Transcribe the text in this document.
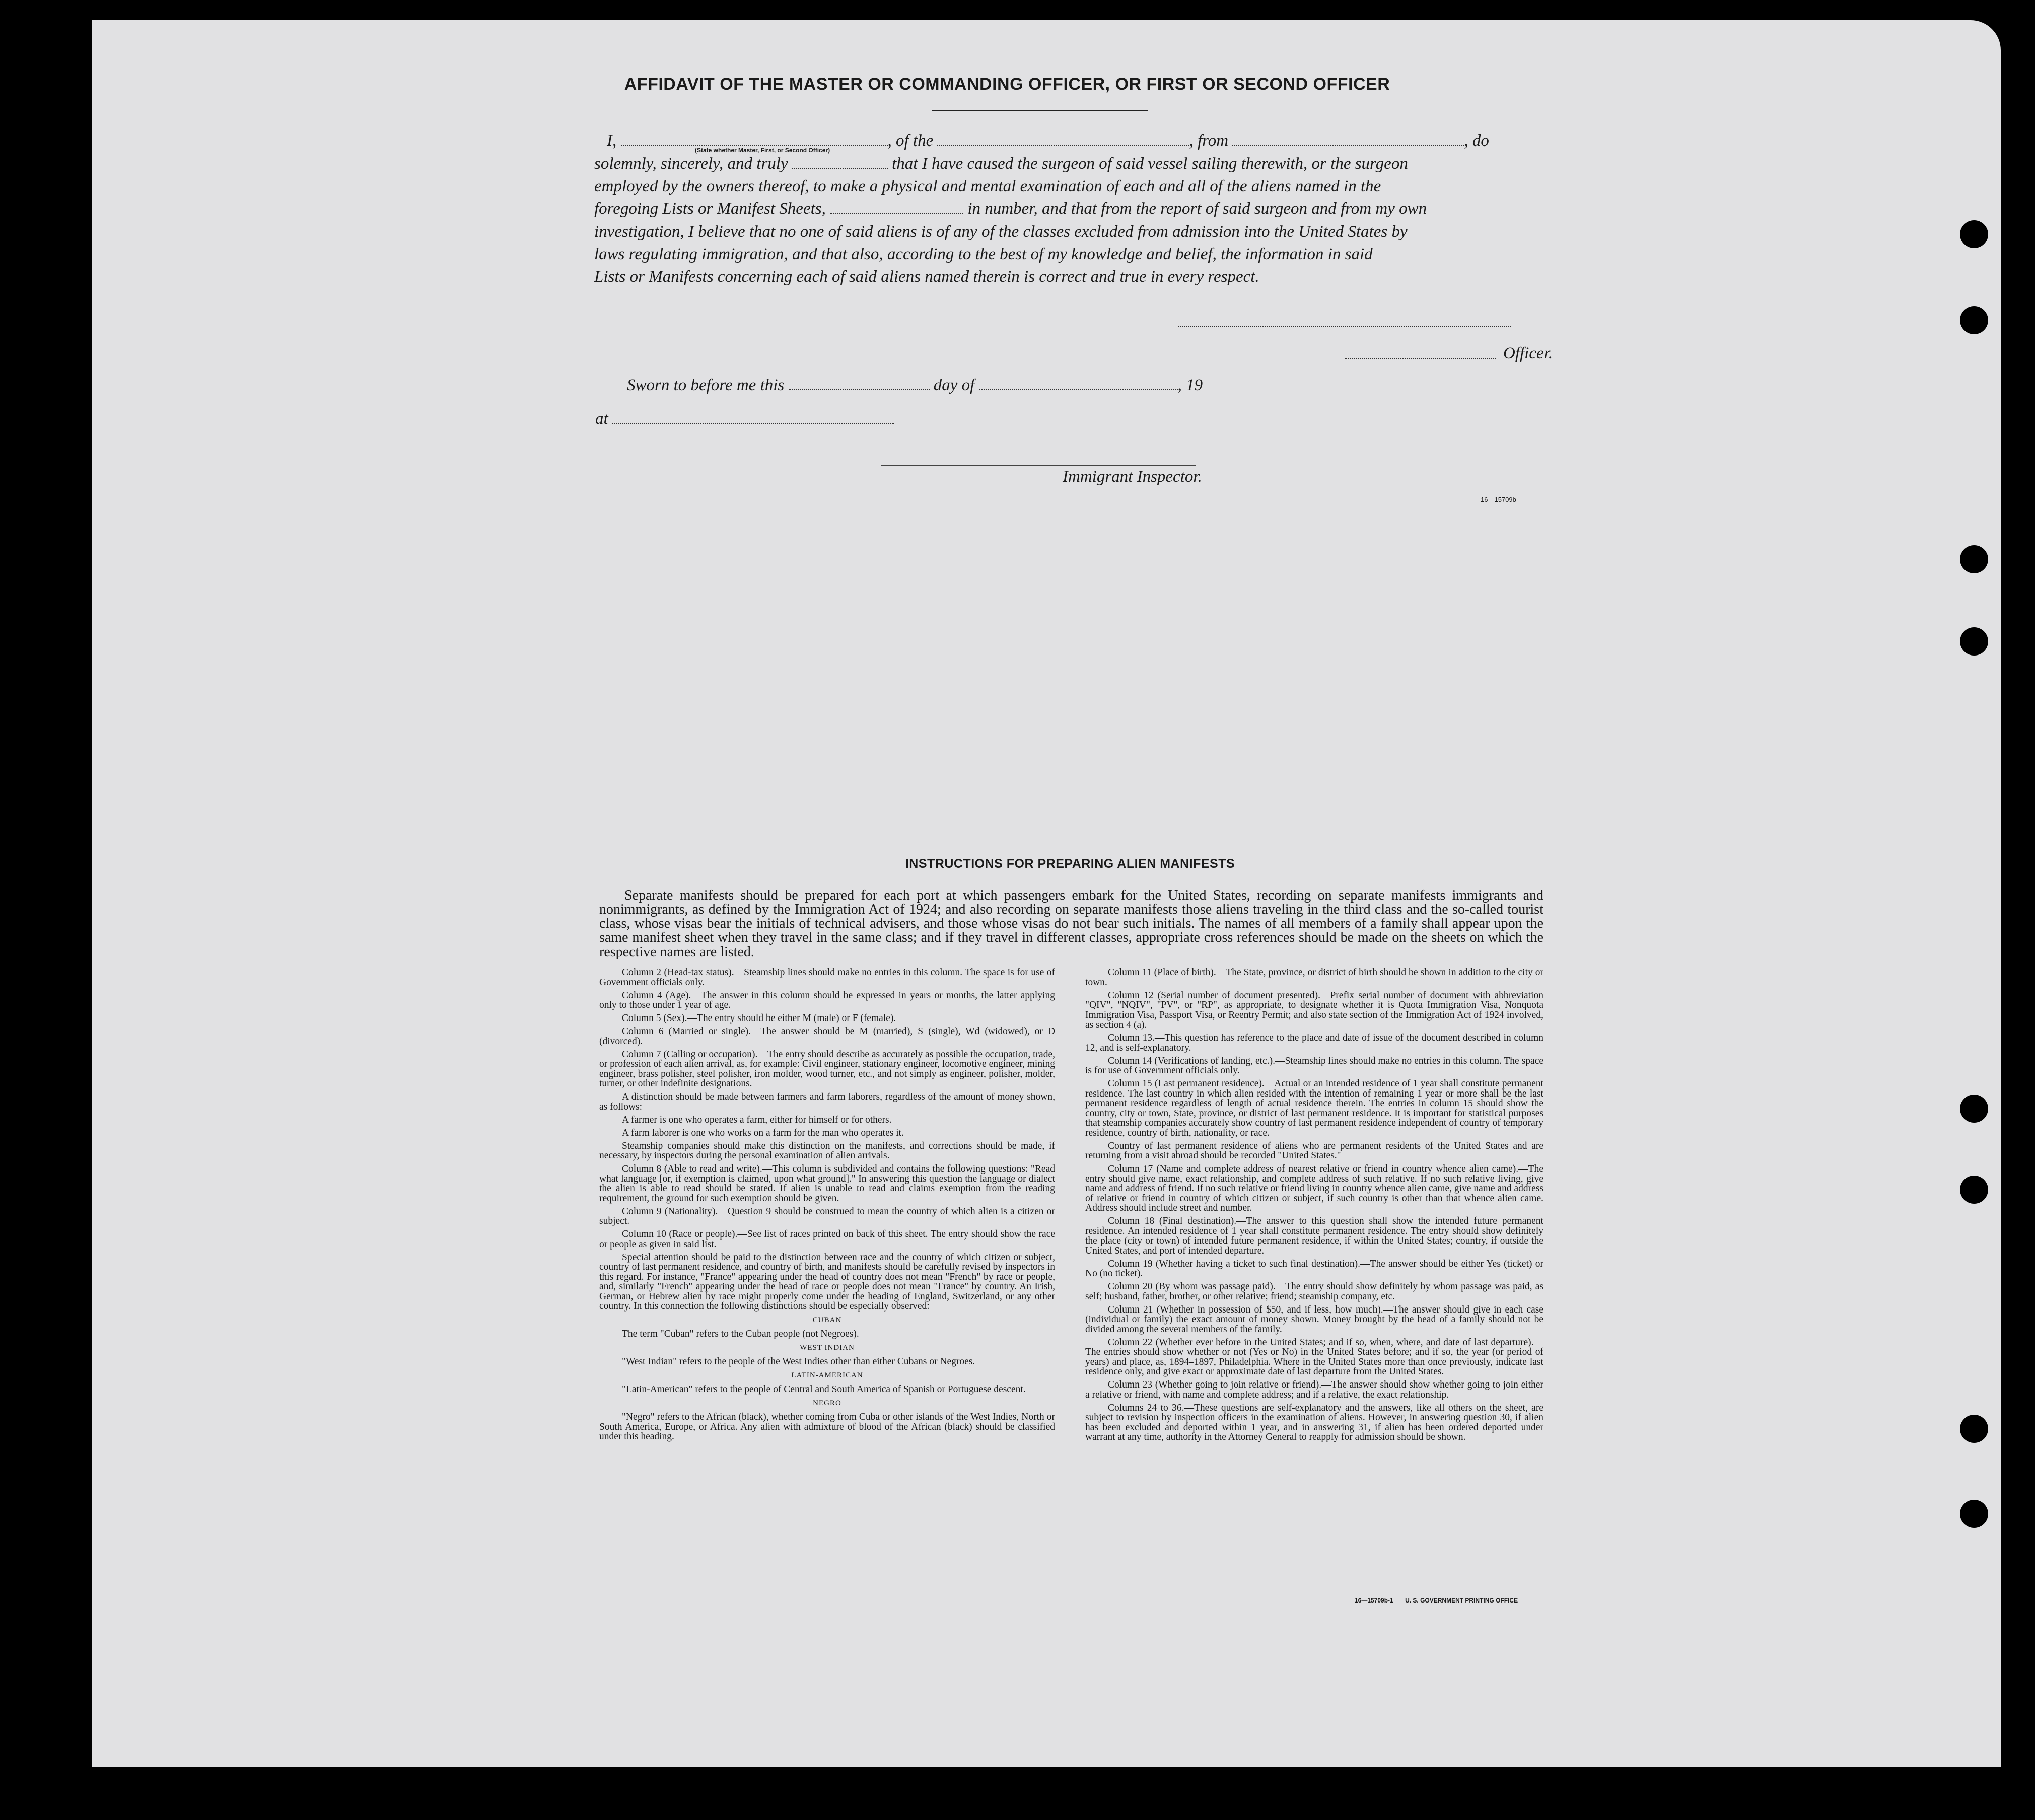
AFFIDAVIT OF THE MASTER OR COMMANDING OFFICER, OR FIRST OR SECOND OFFICER
I,	, of the	, from	, do
solemnly, sincerely, and truly	that I have caused the surgeon of said vessel sailing therewith, or the surgeon
employed by the owners thereof, to make a physical and mental examination of each and all of the aliens named in the
foregoing Lists or Manifest Sheets,	in number, and that from the report of said surgeon and from my own
investigation, I believe that no one of said aliens is of any of the classes excluded from admission into the United States by
laws regulating immigration, and that also, according to the best of my knowledge and belief, the information in said
Lists or Manifests concerning each of said aliens named therein is correct and true in every respect.
(State whether Master, First, or Second Officer)
Officer.
Sworn to before me this	day of	, 19
at
Immigrant Inspector.
16—15709b
INSTRUCTIONS FOR PREPARING ALIEN MANIFESTS
Separate manifests should be prepared for each port at which passengers embark for the United States, recording on separate manifests immigrants and nonimmigrants, as defined by the Immigration Act of 1924; and also recording on separate manifests those aliens traveling in the third class and the so-called tourist class, whose visas bear the initials of technical advisers, and those whose visas do not bear such initials. The names of all members of a family shall appear upon the same manifest sheet when they travel in the same class; and if they travel in different classes, appropriate cross references should be made on the sheets on which the respective names are listed.

Column 2 (Head-tax status).—Steamship lines should make no entries in this column. The space is for use of Government officials only.

Column 4 (Age).—The answer in this column should be expressed in years or months, the latter applying only to those under 1 year of age.

Column 5 (Sex).—The entry should be either M (male) or F (female).

Column 6 (Married or single).—The answer should be M (married), S (single), Wd (widowed), or D (divorced).

Column 7 (Calling or occupation).—The entry should describe as accurately as possible the occupation, trade, or profession of each alien arrival, as, for example: Civil engineer, stationary engineer, locomotive engineer, mining engineer, brass polisher, steel polisher, iron molder, wood turner, etc., and not simply as engineer, polisher, molder, turner, or other indefinite designations.

A distinction should be made between farmers and farm laborers, regardless of the amount of money shown, as follows:

A farmer is one who operates a farm, either for himself or for others.

A farm laborer is one who works on a farm for the man who operates it.

Steamship companies should make this distinction on the manifests, and corrections should be made, if necessary, by inspectors during the personal examination of alien arrivals.

Column 8 (Able to read and write).—This column is subdivided and contains the following questions: "Read what language [or, if exemption is claimed, upon what ground]." In answering this question the language or dialect the alien is able to read should be stated. If alien is unable to read and claims exemption from the reading requirement, the ground for such exemption should be given.

Column 9 (Nationality).—Question 9 should be construed to mean the country of which alien is a citizen or subject.

Column 10 (Race or people).—See list of races printed on back of this sheet. The entry should show the race or people as given in said list.

Special attention should be paid to the distinction between race and the country of which citizen or subject, country of last permanent residence, and country of birth, and manifests should be carefully revised by inspectors in this regard. For instance, "France" appearing under the head of country does not mean "French" by race or people, and, similarly "French" appearing under the head of race or people does not mean "France" by country. An Irish, German, or Hebrew alien by race might properly come under the heading of England, Switzerland, or any other country. In this connection the following distinctions should be especially observed:

CUBAN

The term "Cuban" refers to the Cuban people (not Negroes).

WEST INDIAN

"West Indian" refers to the people of the West Indies other than either Cubans or Negroes.

LATIN-AMERICAN

"Latin-American" refers to the people of Central and South America of Spanish or Portuguese descent.

NEGRO

"Negro" refers to the African (black), whether coming from Cuba or other islands of the West Indies, North or South America, Europe, or Africa. Any alien with admixture of blood of the African (black) should be classified under this heading.

Column 11 (Place of birth).—The State, province, or district of birth should be shown in addition to the city or town.

Column 12 (Serial number of document presented).—Prefix serial number of document with abbreviation "QIV", "NQIV", "PV", or "RP", as appropriate, to designate whether it is Quota Immigration Visa, Nonquota Immigration Visa, Passport Visa, or Reentry Permit; and also state section of the Immigration Act of 1924 involved, as section 4 (a).

Column 13.—This question has reference to the place and date of issue of the document described in column 12, and is self-explanatory.

Column 14 (Verifications of landing, etc.).—Steamship lines should make no entries in this column. The space is for use of Government officials only.

Column 15 (Last permanent residence).—Actual or an intended residence of 1 year shall constitute permanent residence. The last country in which alien resided with the intention of remaining 1 year or more shall be the last permanent residence regardless of length of actual residence therein. The entries in column 15 should show the country, city or town, State, province, or district of last permanent residence. It is important for statistical purposes that steamship companies accurately show country of last permanent residence independent of country of temporary residence, country of birth, nationality, or race.

Country of last permanent residence of aliens who are permanent residents of the United States and are returning from a visit abroad should be recorded "United States."

Column 17 (Name and complete address of nearest relative or friend in country whence alien came).—The entry should give name, exact relationship, and complete address of such relative. If no such relative living, give name and address of friend. If no such relative or friend living in country whence alien came, give name and address of relative or friend in country of which citizen or subject, if such country is other than that whence alien came. Address should include street and number.

Column 18 (Final destination).—The answer to this question shall show the intended future permanent residence. An intended residence of 1 year shall constitute permanent residence. The entry should show definitely the place (city or town) of intended future permanent residence, if within the United States; country, if outside the United States, and port of intended departure.

Column 19 (Whether having a ticket to such final destination).—The answer should be either Yes (ticket) or No (no ticket).

Column 20 (By whom was passage paid).—The entry should show definitely by whom passage was paid, as self; husband, father, brother, or other relative; friend; steamship company, etc.

Column 21 (Whether in possession of $50, and if less, how much).—The answer should give in each case (individual or family) the exact amount of money shown. Money brought by the head of a family should not be divided among the several members of the family.

Column 22 (Whether ever before in the United States; and if so, when, where, and date of last departure).—The entries should show whether or not (Yes or No) in the United States before; and if so, the year (or period of years) and place, as, 1894–1897, Philadelphia. Where in the United States more than once previously, indicate last residence only, and give exact or approximate date of last departure from the United States.

Column 23 (Whether going to join relative or friend).—The answer should show whether going to join either a relative or friend, with name and complete address; and if a relative, the exact relationship.

Columns 24 to 36.—These questions are self-explanatory and the answers, like all others on the sheet, are subject to revision by inspection officers in the examination of aliens. However, in answering question 30, if alien has been excluded and deported within 1 year, and in answering 31, if alien has been ordered deported under warrant at any time, authority in the Attorney General to reapply for admission should be shown.

16—15709b-1 U. S. GOVERNMENT PRINTING OFFICE
